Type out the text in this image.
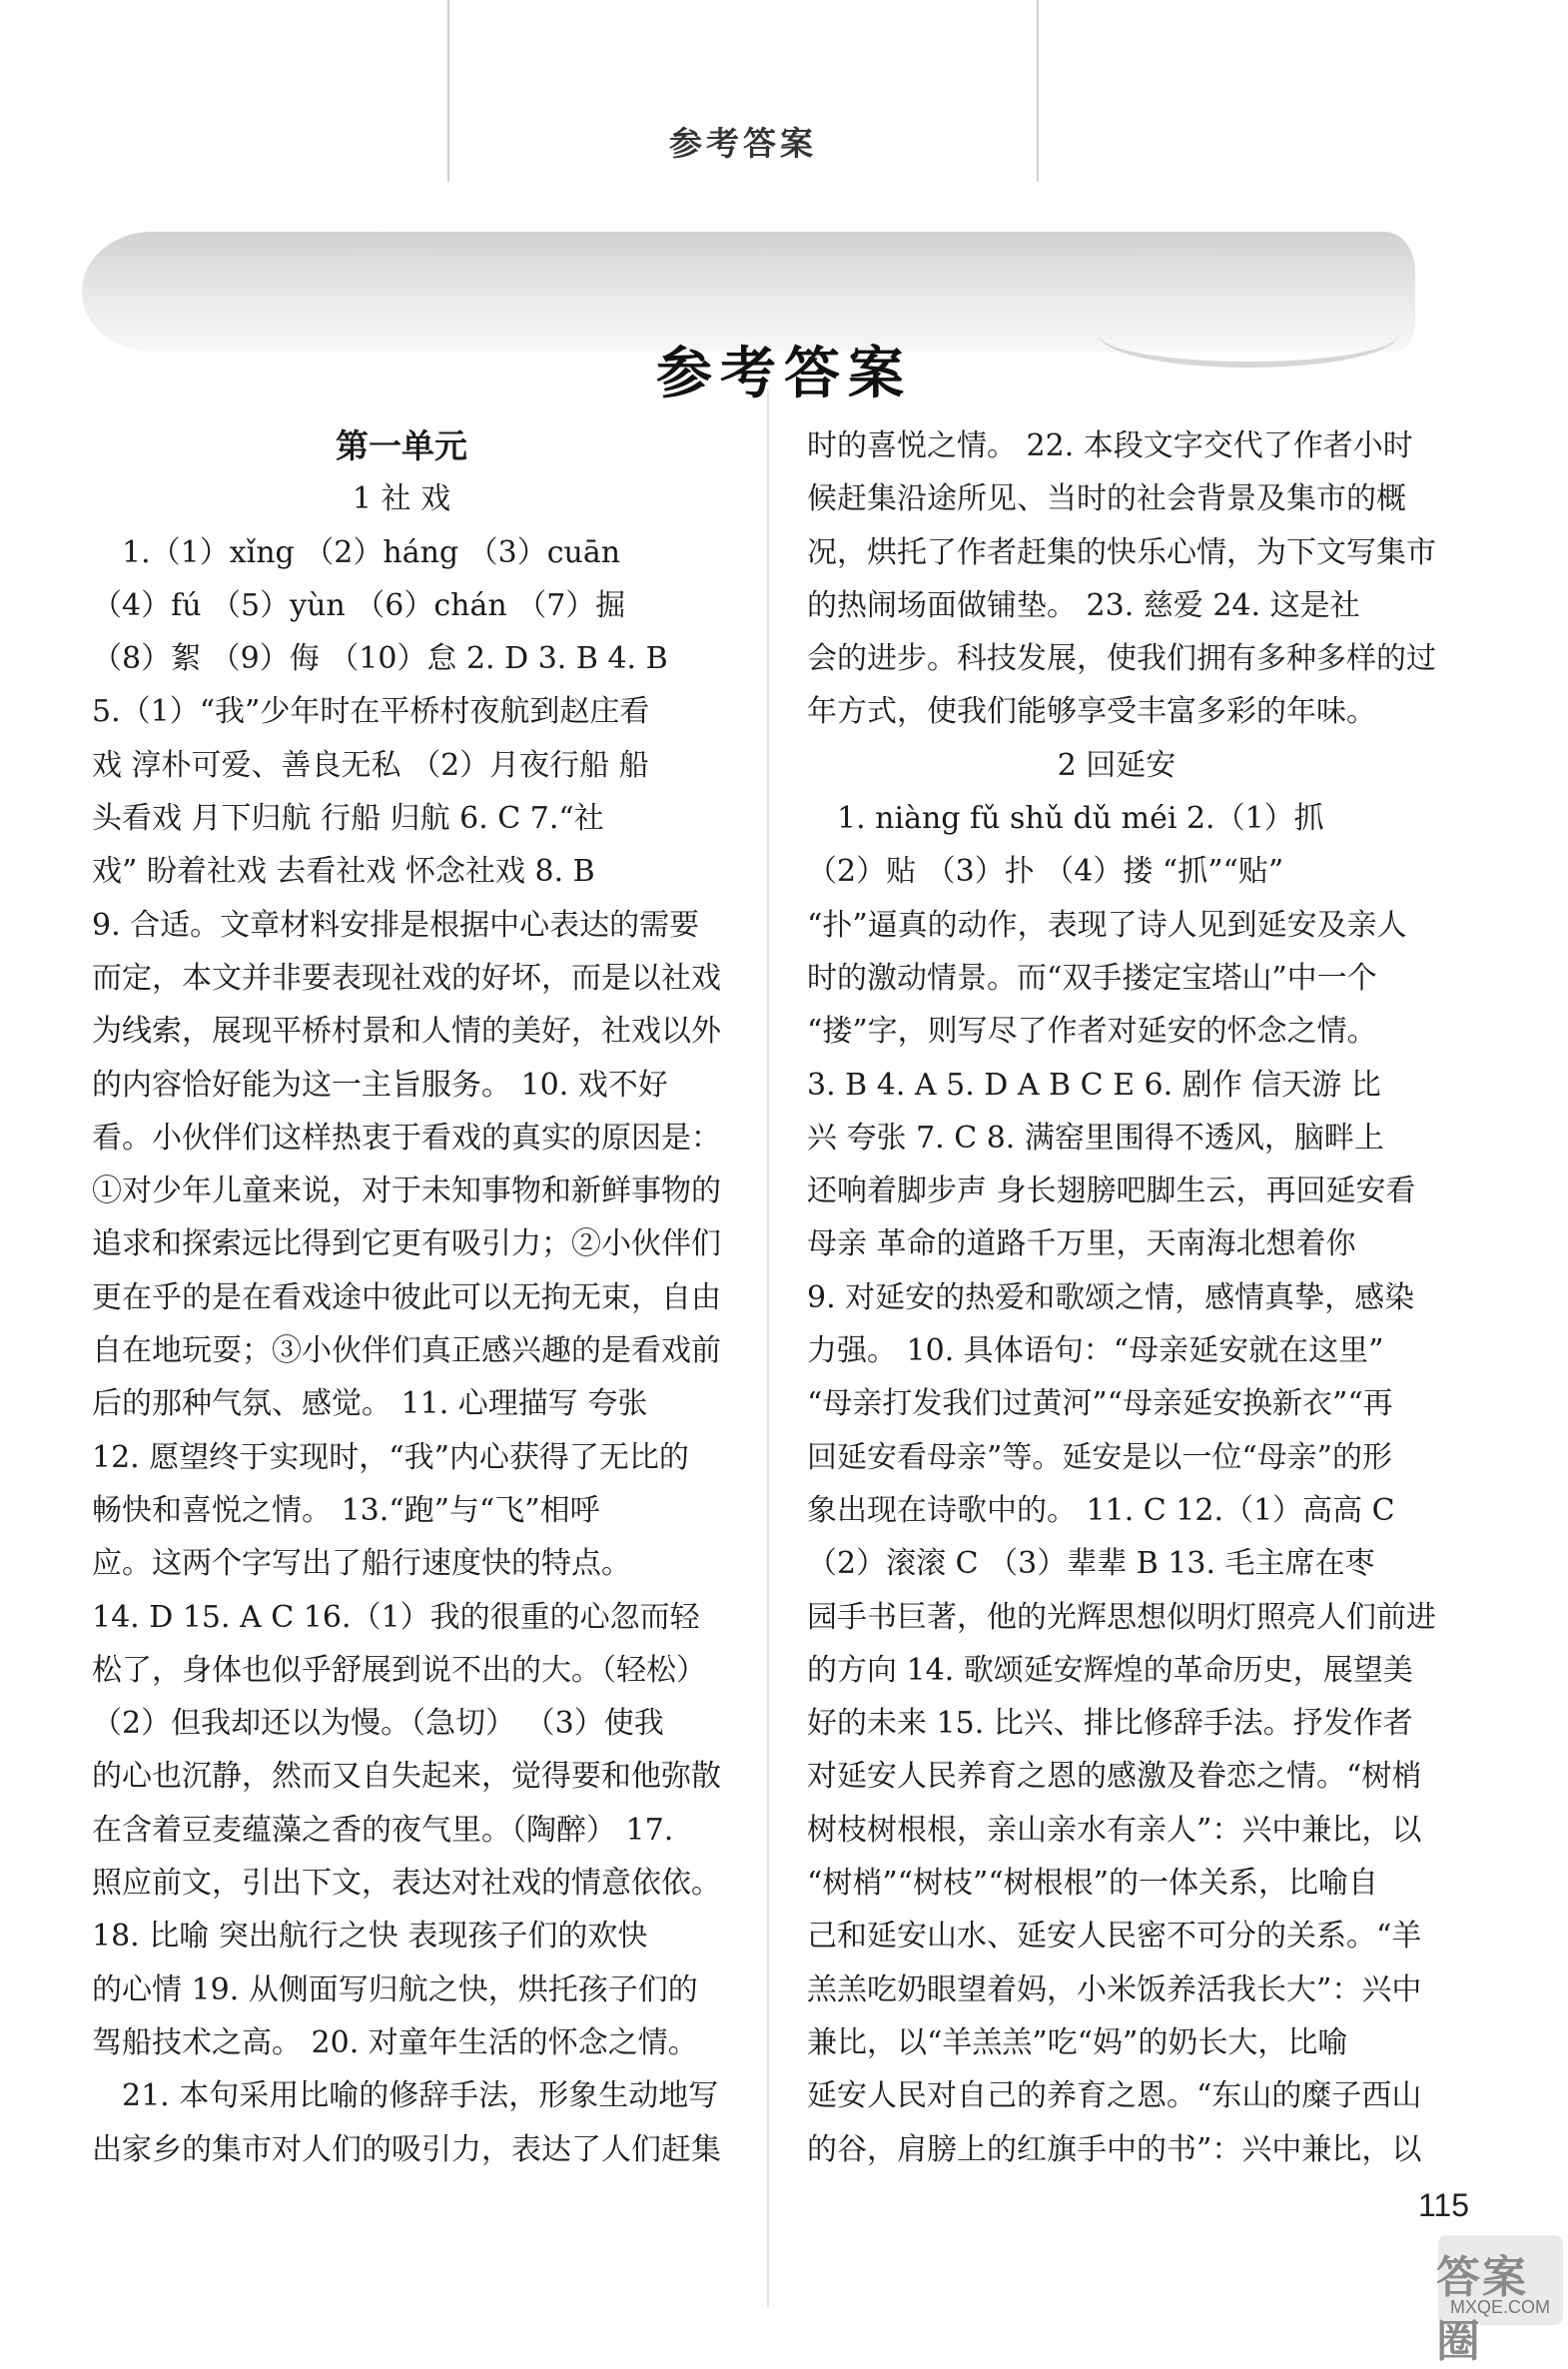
参考答案
参考答案
第一单元
1 社 戏
1.（1）xǐng （2）háng （3）cuān
（4）fú （5）yùn （6）chán （7）掘
（8）絮 （9）侮 （10）怠 2. D 3. B 4. B
5.（1）“我”少年时在平桥村夜航到赵庄看
戏 淳朴可爱、善良无私 （2）月夜行船 船
头看戏 月下归航 行船 归航 6. C 7.“社
戏” 盼着社戏 去看社戏 怀念社戏 8. B
9. 合适。文章材料安排是根据中心表达的需要
而定，本文并非要表现社戏的好坏，而是以社戏
为线索，展现平桥村景和人情的美好，社戏以外
的内容恰好能为这一主旨服务。 10. 戏不好
看。小伙伴们这样热衷于看戏的真实的原因是：
①对少年儿童来说，对于未知事物和新鲜事物的
追求和探索远比得到它更有吸引力；②小伙伴们
更在乎的是在看戏途中彼此可以无拘无束，自由
自在地玩耍；③小伙伴们真正感兴趣的是看戏前
后的那种气氛、感觉。 11. 心理描写 夸张
12. 愿望终于实现时，“我”内心获得了无比的
畅快和喜悦之情。 13.“跑”与“飞”相呼
应。这两个字写出了船行速度快的特点。
14. D 15. A C 16.（1）我的很重的心忽而轻
松了，身体也似乎舒展到说不出的大。（轻松）
（2）但我却还以为慢。（急切） （3）使我
的心也沉静，然而又自失起来，觉得要和他弥散
在含着豆麦蕴藻之香的夜气里。（陶醉） 17.
照应前文，引出下文，表达对社戏的情意依依。
18. 比喻 突出航行之快 表现孩子们的欢快
的心情 19. 从侧面写归航之快，烘托孩子们的
驾船技术之高。 20. 对童年生活的怀念之情。
21. 本句采用比喻的修辞手法，形象生动地写
出家乡的集市对人们的吸引力，表达了人们赶集
时的喜悦之情。 22. 本段文字交代了作者小时
候赶集沿途所见、当时的社会背景及集市的概
况，烘托了作者赶集的快乐心情，为下文写集市
的热闹场面做铺垫。 23. 慈爱 24. 这是社
会的进步。科技发展，使我们拥有多种多样的过
年方式，使我们能够享受丰富多彩的年味。
2 回延安
1. niàng fǔ shǔ dǔ méi 2.（1）抓
（2）贴 （3）扑 （4）搂 “抓”“贴”
“扑”逼真的动作，表现了诗人见到延安及亲人
时的激动情景。而“双手搂定宝塔山”中一个
“搂”字，则写尽了作者对延安的怀念之情。
3. B 4. A 5. D A B C E 6. 剧作 信天游 比
兴 夸张 7. C 8. 满窑里围得不透风，脑畔上
还响着脚步声 身长翅膀吧脚生云，再回延安看
母亲 革命的道路千万里，天南海北想着你
9. 对延安的热爱和歌颂之情，感情真挚，感染
力强。 10. 具体语句：“母亲延安就在这里”
“母亲打发我们过黄河”“母亲延安换新衣”“再
回延安看母亲”等。延安是以一位“母亲”的形
象出现在诗歌中的。 11. C 12.（1）高高 C
（2）滚滚 C （3）辈辈 B 13. 毛主席在枣
园手书巨著，他的光辉思想似明灯照亮人们前进
的方向 14. 歌颂延安辉煌的革命历史，展望美
好的未来 15. 比兴、排比修辞手法。抒发作者
对延安人民养育之恩的感激及眷恋之情。“树梢
树枝树根根，亲山亲水有亲人”：兴中兼比，以
“树梢”“树枝”“树根根”的一体关系，比喻自
己和延安山水、延安人民密不可分的关系。“羊
羔羔吃奶眼望着妈，小米饭养活我长大”：兴中
兼比，以“羊羔羔”吃“妈”的奶长大，比喻
延安人民对自己的养育之恩。“东山的糜子西山
的谷，肩膀上的红旗手中的书”：兴中兼比，以
115
答案圈
MXQE.COM
